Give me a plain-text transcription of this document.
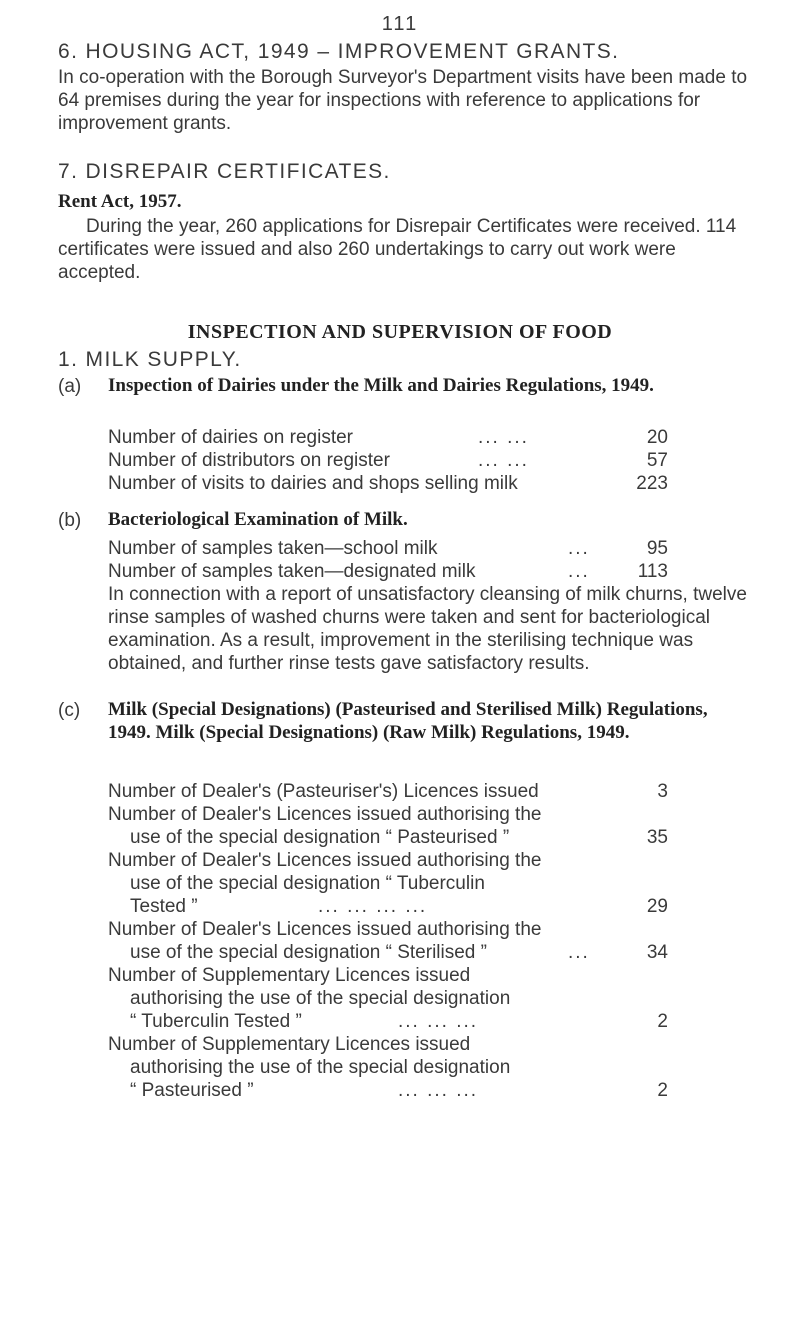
111
6. HOUSING ACT, 1949 – IMPROVEMENT GRANTS.
In co-operation with the Borough Surveyor's Department visits have been made to 64 premises during the year for inspections with reference to applications for improvement grants.
7. DISREPAIR CERTIFICATES.
Rent Act, 1957.
During the year, 260 applications for Disrepair Certificates were received. 114 certificates were issued and also 260 undertakings to carry out work were accepted.
INSPECTION AND SUPERVISION OF FOOD
1. MILK SUPPLY.
(a) Inspection of Dairies under the Milk and Dairies Regulations, 1949.
Number of dairies on register	... ...	20
Number of distributors on register	... ...	57
Number of visits to dairies and shops selling milk	223
(b) Bacteriological Examination of Milk.
Number of samples taken—school milk	...	95
Number of samples taken—designated milk	...	113
In connection with a report of unsatisfactory cleansing of milk churns, twelve rinse samples of washed churns were taken and sent for bacteriological examination. As a result, improvement in the sterilising technique was obtained, and further rinse tests gave satisfactory results.
(c) Milk (Special Designations) (Pasteurised and Sterilised Milk) Regulations, 1949. Milk (Special Designations) (Raw Milk) Regulations, 1949.
Number of Dealer's (Pasteuriser's) Licences issued	3
Number of Dealer's Licences issued authorising the
use of the special designation “ Pasteurised ”	35
Number of Dealer's Licences issued authorising the
use of the special designation “ Tuberculin
Tested ”	... ... ... ...	29
Number of Dealer's Licences issued authorising the
use of the special designation “ Sterilised ”	...	34
Number of Supplementary Licences issued
authorising the use of the special designation
“ Tuberculin Tested ”	... ... ...	2
Number of Supplementary Licences issued
authorising the use of the special designation
“ Pasteurised ”	... ... ...	2
